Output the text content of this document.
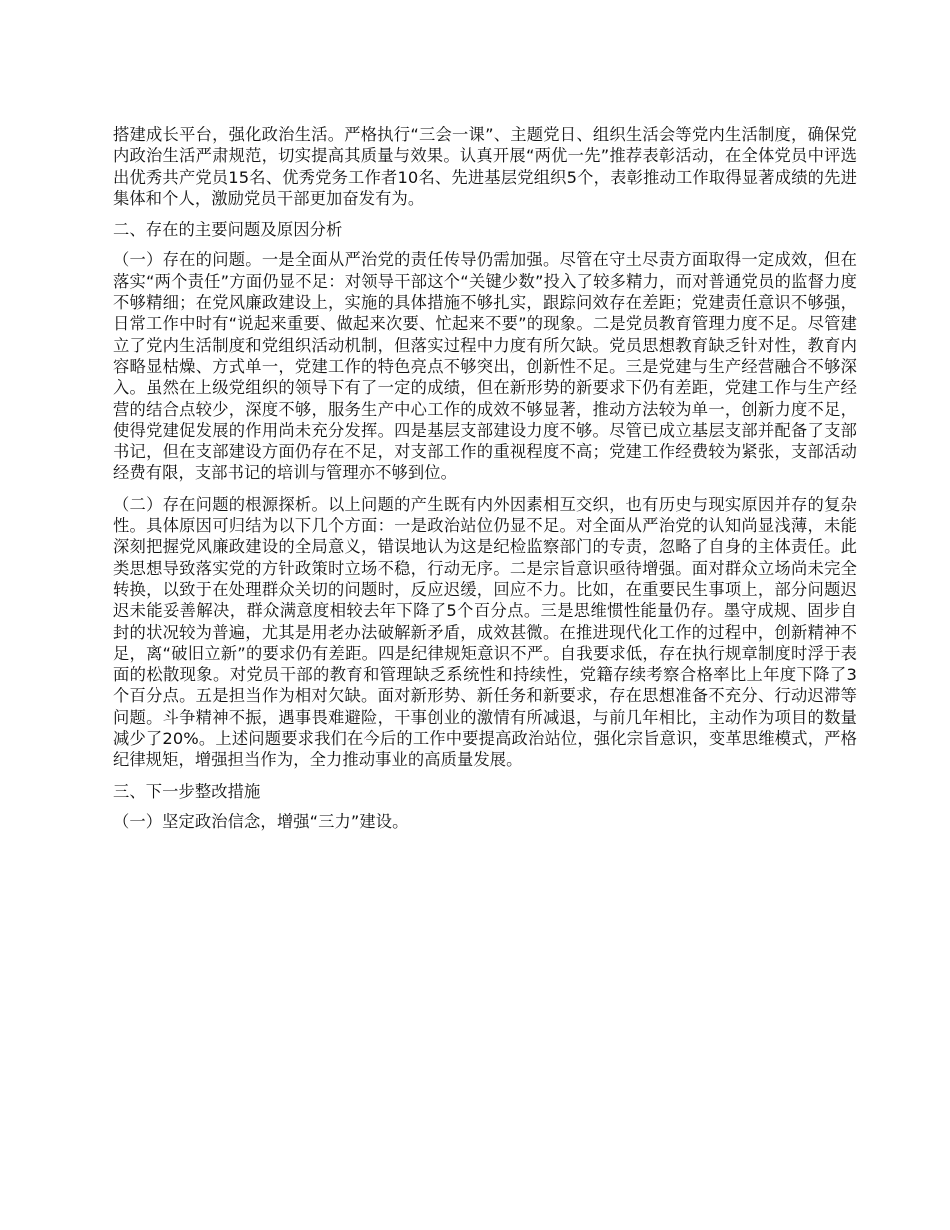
搭建成长平台，强化政治生活。严格执行“三会一课”、主题党日、组织生活会等党内生活制度，确保党内政治生活严肃规范，切实提高其质量与效果。认真开展“两优一先”推荐表彰活动，在全体党员中评选出优秀共产党员15名、优秀党务工作者10名、先进基层党组织5个，表彰推动工作取得显著成绩的先进集体和个人，激励党员干部更加奋发有为。

二、存在的主要问题及原因分析

（一）存在的问题。一是全面从严治党的责任传导仍需加强。尽管在守土尽责方面取得一定成效，但在落实“两个责任”方面仍显不足：对领导干部这个“关键少数”投入了较多精力，而对普通党员的监督力度不够精细；在党风廉政建设上，实施的具体措施不够扎实，跟踪问效存在差距；党建责任意识不够强，日常工作中时有“说起来重要、做起来次要、忙起来不要”的现象。二是党员教育管理力度不足。尽管建立了党内生活制度和党组织活动机制，但落实过程中力度有所欠缺。党员思想教育缺乏针对性，教育内容略显枯燥、方式单一，党建工作的特色亮点不够突出，创新性不足。三是党建与生产经营融合不够深入。虽然在上级党组织的领导下有了一定的成绩，但在新形势的新要求下仍有差距，党建工作与生产经营的结合点较少，深度不够，服务生产中心工作的成效不够显著，推动方法较为单一，创新力度不足，使得党建促发展的作用尚未充分发挥。四是基层支部建设力度不够。尽管已成立基层支部并配备了支部书记，但在支部建设方面仍存在不足，对支部工作的重视程度不高；党建工作经费较为紧张，支部活动经费有限，支部书记的培训与管理亦不够到位。

（二）存在问题的根源探析。以上问题的产生既有内外因素相互交织，也有历史与现实原因并存的复杂性。具体原因可归结为以下几个方面：一是政治站位仍显不足。对全面从严治党的认知尚显浅薄，未能深刻把握党风廉政建设的全局意义，错误地认为这是纪检监察部门的专责，忽略了自身的主体责任。此类思想导致落实党的方针政策时立场不稳，行动无序。二是宗旨意识亟待增强。面对群众立场尚未完全转换，以致于在处理群众关切的问题时，反应迟缓，回应不力。比如，在重要民生事项上，部分问题迟迟未能妥善解决，群众满意度相较去年下降了5个百分点。三是思维惯性能量仍存。墨守成规、固步自封的状况较为普遍，尤其是用老办法破解新矛盾，成效甚微。在推进现代化工作的过程中，创新精神不足，离“破旧立新”的要求仍有差距。四是纪律规矩意识不严。自我要求低，存在执行规章制度时浮于表面的松散现象。对党员干部的教育和管理缺乏系统性和持续性，党籍存续考察合格率比上年度下降了3个百分点。五是担当作为相对欠缺。面对新形势、新任务和新要求，存在思想准备不充分、行动迟滞等问题。斗争精神不振，遇事畏难避险，干事创业的激情有所减退，与前几年相比，主动作为项目的数量减少了20%。上述问题要求我们在今后的工作中要提高政治站位，强化宗旨意识，变革思维模式，严格纪律规矩，增强担当作为，全力推动事业的高质量发展。

三、下一步整改措施

（一）坚定政治信念，增强“三力”建设。
